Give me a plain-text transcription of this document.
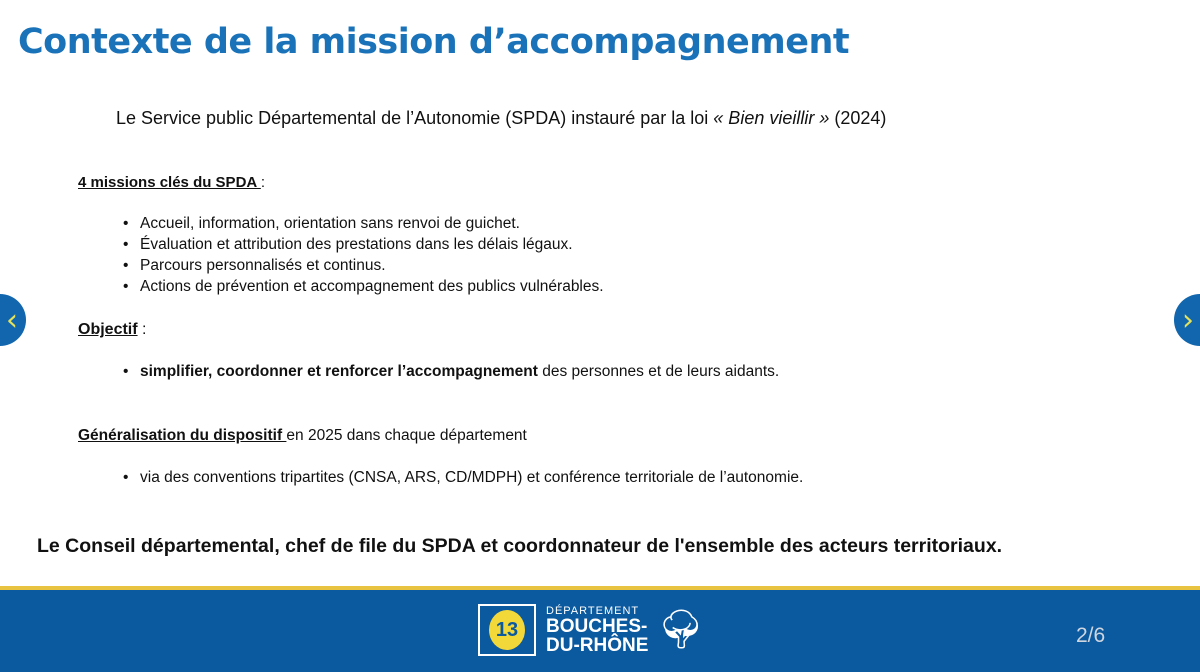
Contexte de la mission d’accompagnement
Le Service public Départemental de l’Autonomie (SPDA) instauré par la loi « Bien vieillir » (2024)
4 missions clés du SPDA :
• Accueil, information, orientation sans renvoi de guichet.
• Évaluation et attribution des prestations dans les délais légaux.
• Parcours personnalisés et continus.
• Actions de prévention et accompagnement des publics vulnérables.
Objectif :
• simplifier, coordonner et renforcer l’accompagnement des personnes et de leurs aidants.
Généralisation du dispositif en 2025 dans chaque département
• via des conventions tripartites (CNSA, ARS, CD/MDPH) et conférence territoriale de l’autonomie.
Le Conseil départemental, chef de file du SPDA et coordonnateur de l'ensemble des acteurs territoriaux.
‹	›
13
DÉPARTEMENT
BOUCHES-
DU-RHÔNE 🌳︎	2/6
